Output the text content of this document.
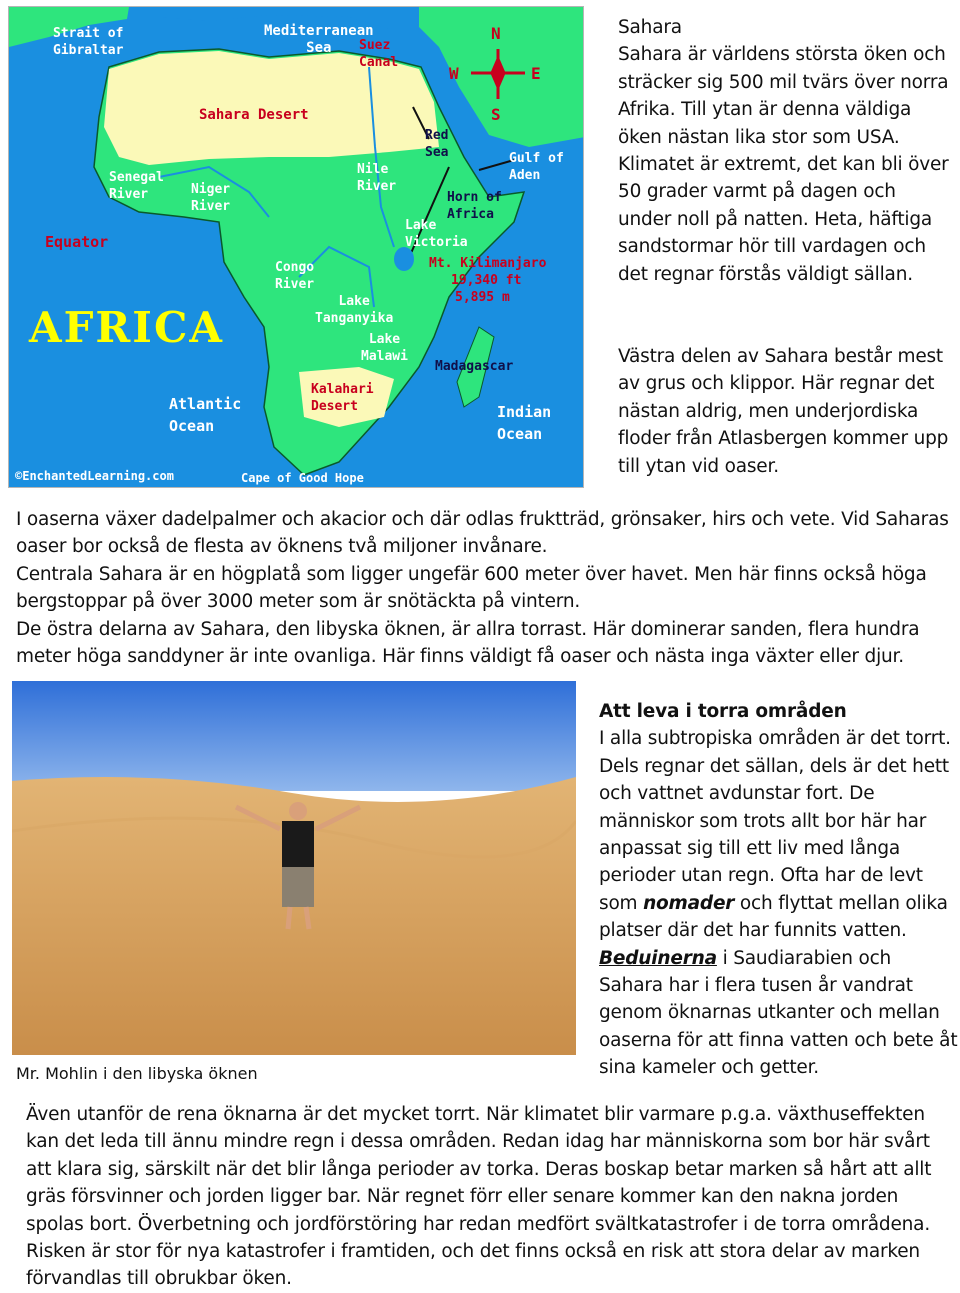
Strait of
Gibraltar
Mediterranean
Sea	Suez
Canal
N
S
W	E
Sahara Desert
Red
Sea	Gulf of
Aden
Senegal
River	Niger
River
Nile
River
Horn of
Africa
Equator
Lake
Victoria
Mt. Kilimanjaro
19,340 ft
5,895 m
Congo
River
AFRICA
Lake
Tanganyika
Lake
Malawi
Madagascar
Kalahari
Desert
Atlantic
Ocean
Indian
Ocean
©EnchantedLearning.com	Cape of Good Hope

Sahara

Sahara är världens största öken och sträcker sig 500 mil tvärs över norra Afrika. Till ytan är denna väldiga öken nästan lika stor som USA. Klimatet är extremt, det kan bli över 50 grader varmt på dagen och under noll på natten. Heta, häftiga sandstormar hör till vardagen och det regnar förstås väldigt sällan.

Västra delen av Sahara består mest av grus och klippor. Här regnar det nästan aldrig, men underjordiska floder från Atlasbergen kommer upp till ytan vid oaser.

I oaserna växer dadelpalmer och akacior och där odlas fruktträd, grönsaker, hirs och vete. Vid Saharas oaser bor också de flesta av öknens två miljoner invånare.

Centrala Sahara är en högplatå som ligger ungefär 600 meter över havet. Men här finns också höga bergstoppar på över 3000 meter som är snötäckta på vintern.

De östra delarna av Sahara, den libyska öknen, är allra torrast. Här dominerar sanden, flera hundra meter höga sanddyner är inte ovanliga. Här finns väldigt få oaser och nästa inga växter eller djur.

Mr. Mohlin i den libyska öknen

Att leva i torra områden

I alla subtropiska områden är det torrt. Dels regnar det sällan, dels är det hett och vattnet avdunstar fort. De människor som trots allt bor här har anpassat sig till ett liv med långa perioder utan regn. Ofta har de levt som nomader och flyttat mellan olika platser där det har funnits vatten.

Beduinerna i Saudiarabien och Sahara har i flera tusen år vandrat genom öknarnas utkanter och mellan oaserna för att finna vatten och bete åt sina kameler och getter.

Även utanför de rena öknarna är det mycket torrt. När klimatet blir varmare p.g.a. växthuseffekten kan det leda till ännu mindre regn i dessa områden. Redan idag har människorna som bor här svårt att klara sig, särskilt när det blir långa perioder av torka. Deras boskap betar marken så hårt att allt gräs försvinner och jorden ligger bar. När regnet förr eller senare kommer kan den nakna jorden spolas bort. Överbetning och jordförstöring har redan medfört svältkatastrofer i de torra områdena. Risken är stor för nya katastrofer i framtiden, och det finns också en risk att stora delar av marken förvandlas till obrukbar öken.
